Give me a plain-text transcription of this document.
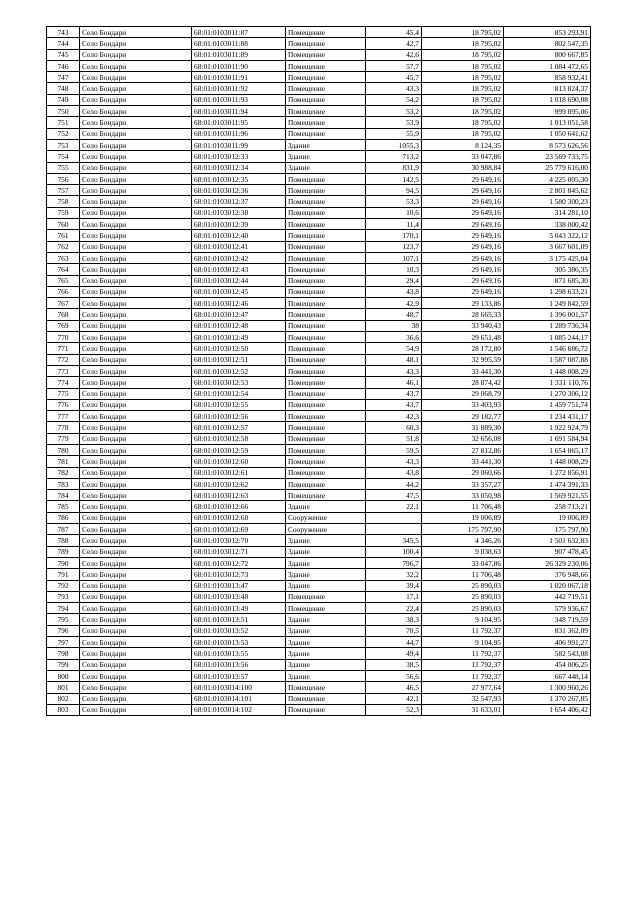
743	Село Бондари	68:01:0103011:87	Помещение	45,4	18 795,02	853 293,91
744	Село Бондари	68:01:0103011:88	Помещение	42,7	18 795,02	802 547,35
745	Село Бондари	68:01:0103011:89	Помещение	42,6	18 795,02	800 667,85
746	Село Бондари	68:01:0103011:90	Помещение	57,7	18 795,02	1 084 472,65
747	Село Бондари	68:01:0103011:91	Помещение	45,7	18 795,02	858 932,41
748	Село Бондари	68:01:0103011:92	Помещение	43,3	18 795,02	813 824,37
749	Село Бондари	68:01:0103011:93	Помещение	54,2	18 795,02	1 018 690,08
750	Село Бондари	68:01:0103011:94	Помещение	53,2	18 795,02	999 895,06
751	Село Бондари	68:01:0103011:95	Помещение	53,9	18 795,02	1 013 051,58
752	Село Бондари	68:01:0103011:96	Помещение	55,9	18 795,02	1 050 641,62
753	Село Бондари	68:01:0103011:99	Здание	1055,3	8 124,35	8 573 626,56
754	Село Бондари	68:01:0103012:33	Здание	713,2	33 047,86	23 569 733,75
755	Село Бондари	68:01:0103012:34	Здание	831,9	30 988,84	25 779 616,00
756	Село Бондари	68:01:0103012:35	Помещение	142,5	29 649,16	4 225 005,30
757	Село Бондари	68:01:0103012:36	Помещение	94,5	29 649,16	2 801 845,62
758	Село Бондари	68:01:0103012:37	Помещение	53,3	29 649,16	1 580 300,23
759	Село Бондари	68:01:0103012:38	Помещение	10,6	29 649,16	314 281,10
760	Село Бондари	68:01:0103012:39	Помещение	11,4	29 649,16	338 000,42
761	Село Бондари	68:01:0103012:40	Помещение	170,1	29 649,16	5 043 322,12
762	Село Бондари	68:01:0103012:41	Помещение	123,7	29 649,16	3 667 601,09
763	Село Бондари	68:01:0103012:42	Помещение	107,1	29 649,16	3 175 425,04
764	Село Бондари	68:01:0103012:43	Помещение	10,3	29 649,16	305 386,35
765	Село Бондари	68:01:0103012:44	Помещение	29,4	29 649,16	871 685,30
766	Село Бондари	68:01:0103012:45	Помещение	43,8	29 649,16	1 298 633,21
767	Село Бондари	68:01:0103012:46	Помещение	42,9	29 133,86	1 249 842,59
768	Село Бондари	68:01:0103012:47	Помещение	48,7	28 665,33	1 396 001,57
769	Село Бондари	68:01:0103012:48	Помещение	38	33 940,43	1 289 736,34
770	Село Бондари	68:01:0103012:49	Помещение	36,6	29 651,48	1 085 244,17
771	Село Бондари	68:01:0103012:50	Помещение	54,9	28 172,80	1 546 686,72
772	Село Бондари	68:01:0103012:51	Помещение	48,1	32 995,59	1 587 087,88
773	Село Бондари	68:01:0103012:52	Помещение	43,3	33 441,30	1 448 008,29
774	Село Бондари	68:01:0103012:53	Помещение	46,1	28 874,42	1 331 110,76
775	Село Бондари	68:01:0103012:54	Помещение	43,7	29 068,79	1 270 306,12
776	Село Бондари	68:01:0103012:55	Помещение	43,7	33 403,93	1 459 751,74
777	Село Бондари	68:01:0103012:56	Помещение	42,3	29 182,77	1 234 431,17
778	Село Бондари	68:01:0103012:57	Помещение	60,3	31 889,30	1 922 924,79
779	Село Бондари	68:01:0103012:58	Помещение	51,8	32 656,08	1 691 584,94
780	Село Бондари	68:01:0103012:59	Помещение	59,5	27 812,86	1 654 865,17
781	Село Бондари	68:01:0103012:60	Помещение	43,3	33 441,30	1 448 008,29
782	Село Бондари	68:01:0103012:61	Помещение	43,8	29 060,66	1 272 856,91
783	Село Бондари	68:01:0103012:62	Помещение	44,2	33 357,27	1 474 391,33
784	Село Бондари	68:01:0103012:63	Помещение	47,5	33 050,98	1 569 921,55
785	Село Бондари	68:01:0103012:66	Здание	22,1	11 706,48	258 713,21
786	Село Бондари	68:01:0103012:68	Сооружение		19 006,89	19 006,89
787	Село Бондари	68:01:0103012:69	Сооружение		175 797,90	175 797,90
788	Село Бондари	68:01:0103012:70	Здание	345,5	4 346,26	1 501 632,83
789	Село Бондари	68:01:0103012:71	Здание	100,4	9 038,63	907 478,45
790	Село Бондари	68:01:0103012:72	Здание	796,7	33 047,86	26 329 230,06
791	Село Бондари	68:01:0103012:73	Здание	32,2	11 706,48	376 948,66
792	Село Бондари	68:01:0103013:47	Здание	39,4	25 890,03	1 020 067,18
793	Село Бондари	68:01:0103013:48	Помещение	17,1	25 890,03	442 719,51
794	Село Бондари	68:01:0103013:49	Помещение	22,4	25 890,03	579 936,67
795	Село Бондари	68:01:0103013:51	Здание	38,3	9 104,95	348 719,59
796	Село Бондари	68:01:0103013:52	Здание	70,5	11 792,37	831 362,09
797	Село Бондари	68:01:0103013:53	Здание	44,7	9 104,95	406 991,27
798	Село Бондари	68:01:0103013:55	Здание	49,4	11 792,37	582 543,08
799	Село Бондари	68:01:0103013:56	Здание	38,5	11 792,37	454 006,25
800	Село Бондари	68:01:0103013:57	Здание	56,6	11 792,37	667 448,14
801	Село Бондари	68:01:0103014:100	Помещение	46,5	27 977,64	1 300 960,26
802	Село Бондари	68:01:0103014:101	Помещение	42,1	32 547,93	1 370 267,85
803	Село Бондари	68:01:0103014:102	Помещение	52,3	31 633,01	1 654 406,42
